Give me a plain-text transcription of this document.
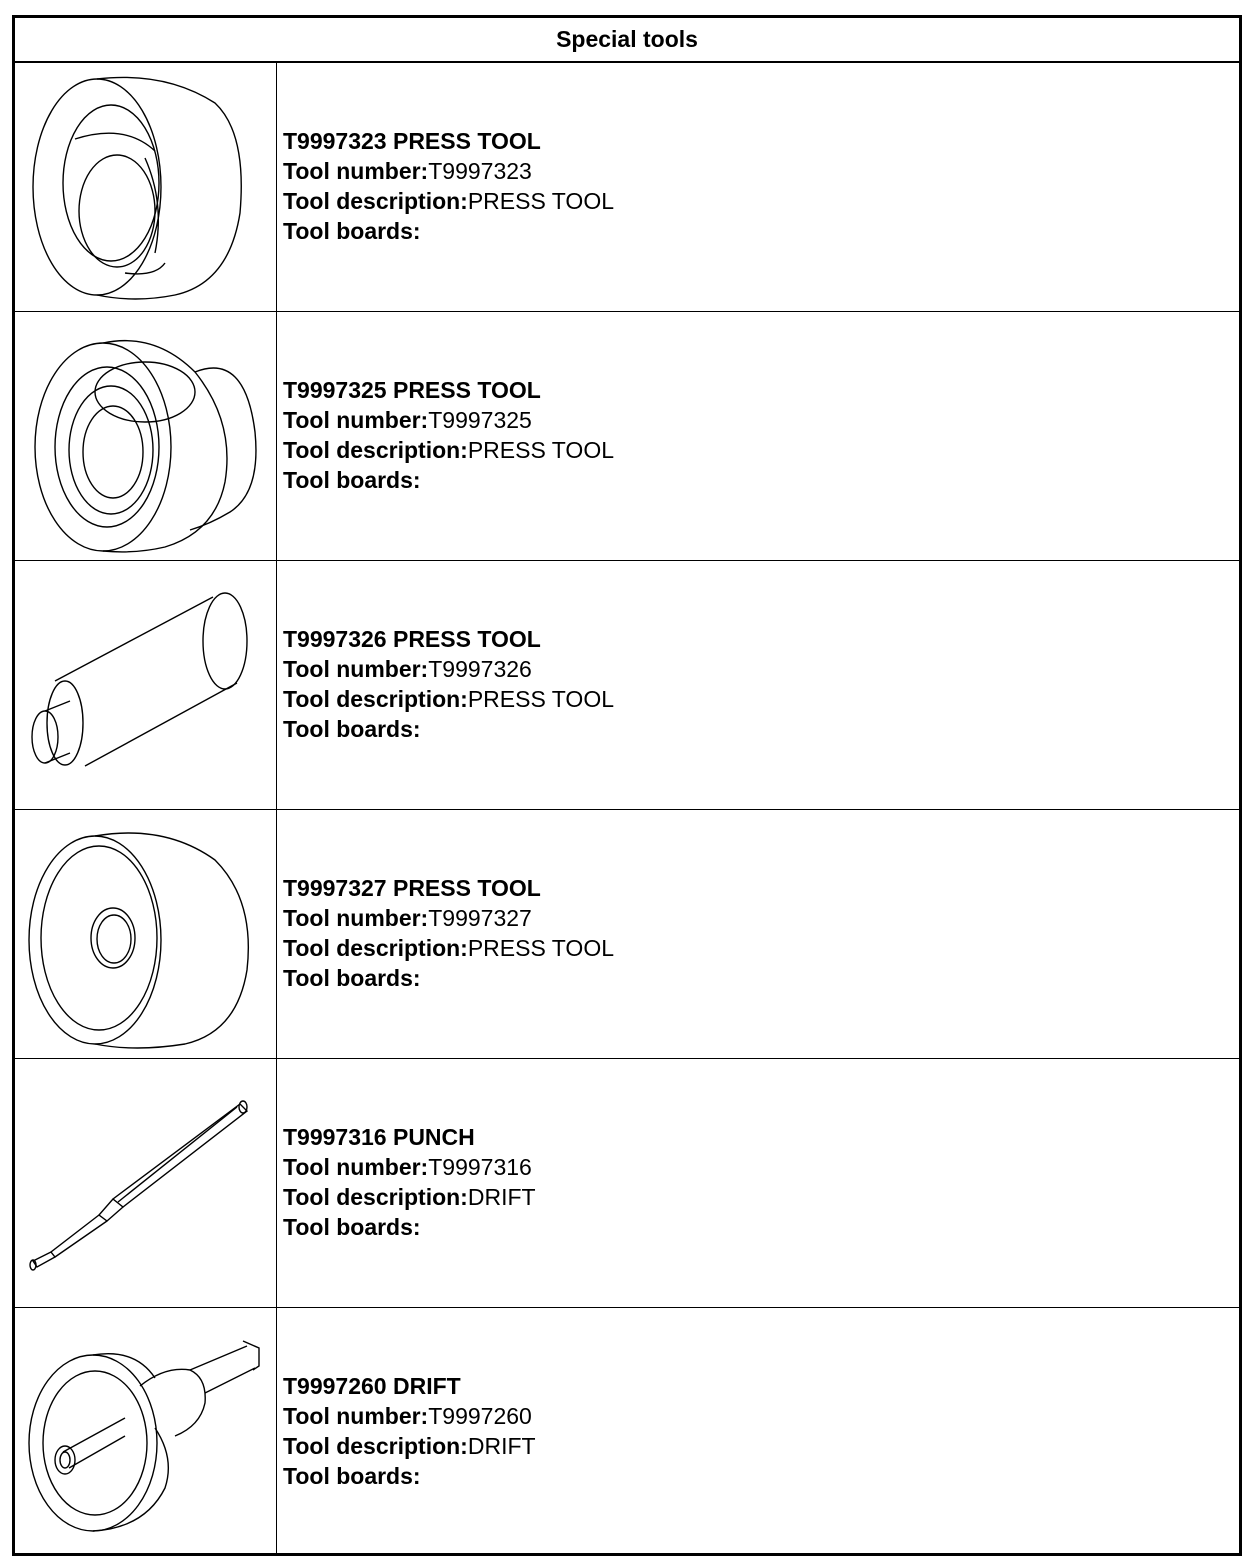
Special tools
T9997323 PRESS TOOL
Tool number:T9997323
Tool description:PRESS TOOL
Tool boards:
T9997325 PRESS TOOL
Tool number:T9997325
Tool description:PRESS TOOL
Tool boards:
T9997326 PRESS TOOL
Tool number:T9997326
Tool description:PRESS TOOL
Tool boards:
T9997327 PRESS TOOL
Tool number:T9997327
Tool description:PRESS TOOL
Tool boards:
T9997316 PUNCH
Tool number:T9997316
Tool description:DRIFT
Tool boards:
T9997260 DRIFT
Tool number:T9997260
Tool description:DRIFT
Tool boards:
